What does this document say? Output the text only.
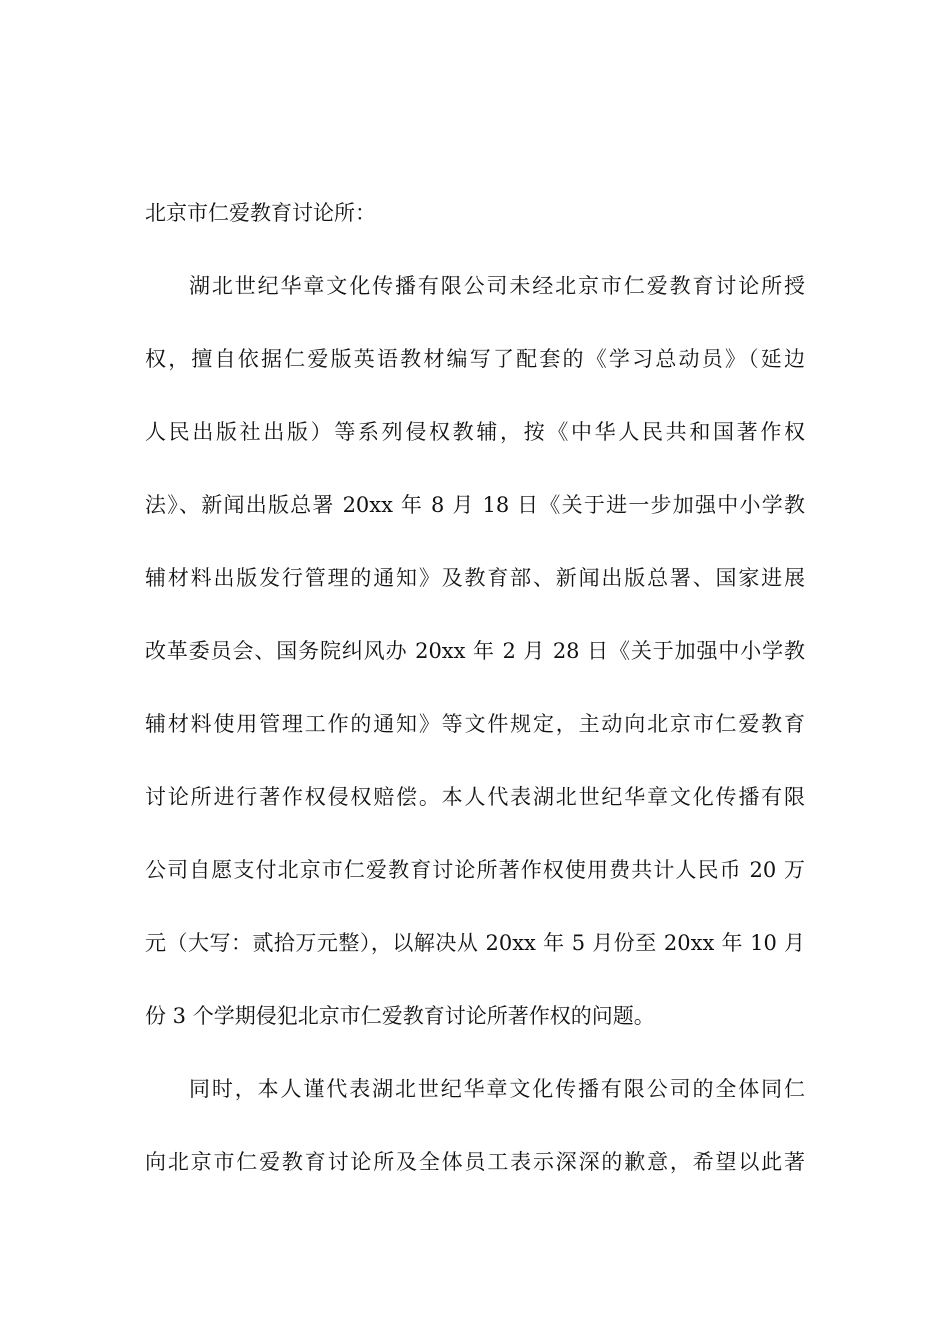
北京市仁爱教育讨论所：
湖北世纪华章文化传播有限公司未经北京市仁爱教育讨论所授
权，擅自依据仁爱版英语教材编写了配套的《学习总动员》（延边
人民出版社出版）等系列侵权教辅，按《中华人民共和国著作权
法》、新闻出版总署 20xx 年 8 月 18 日《关于进一步加强中小学教
辅材料出版发行管理的通知》及教育部、新闻出版总署、国家进展
改革委员会、国务院纠风办 20xx 年 2 月 28 日《关于加强中小学教
辅材料使用管理工作的通知》等文件规定，主动向北京市仁爱教育
讨论所进行著作权侵权赔偿。本人代表湖北世纪华章文化传播有限
公司自愿支付北京市仁爱教育讨论所著作权使用费共计人民币 20 万
元（大写：贰拾万元整），以解决从 20xx 年 5 月份至 20xx 年 10 月
份 3 个学期侵犯北京市仁爱教育讨论所著作权的问题。
同时，本人谨代表湖北世纪华章文化传播有限公司的全体同仁
向北京市仁爱教育讨论所及全体员工表示深深的歉意，希望以此著
